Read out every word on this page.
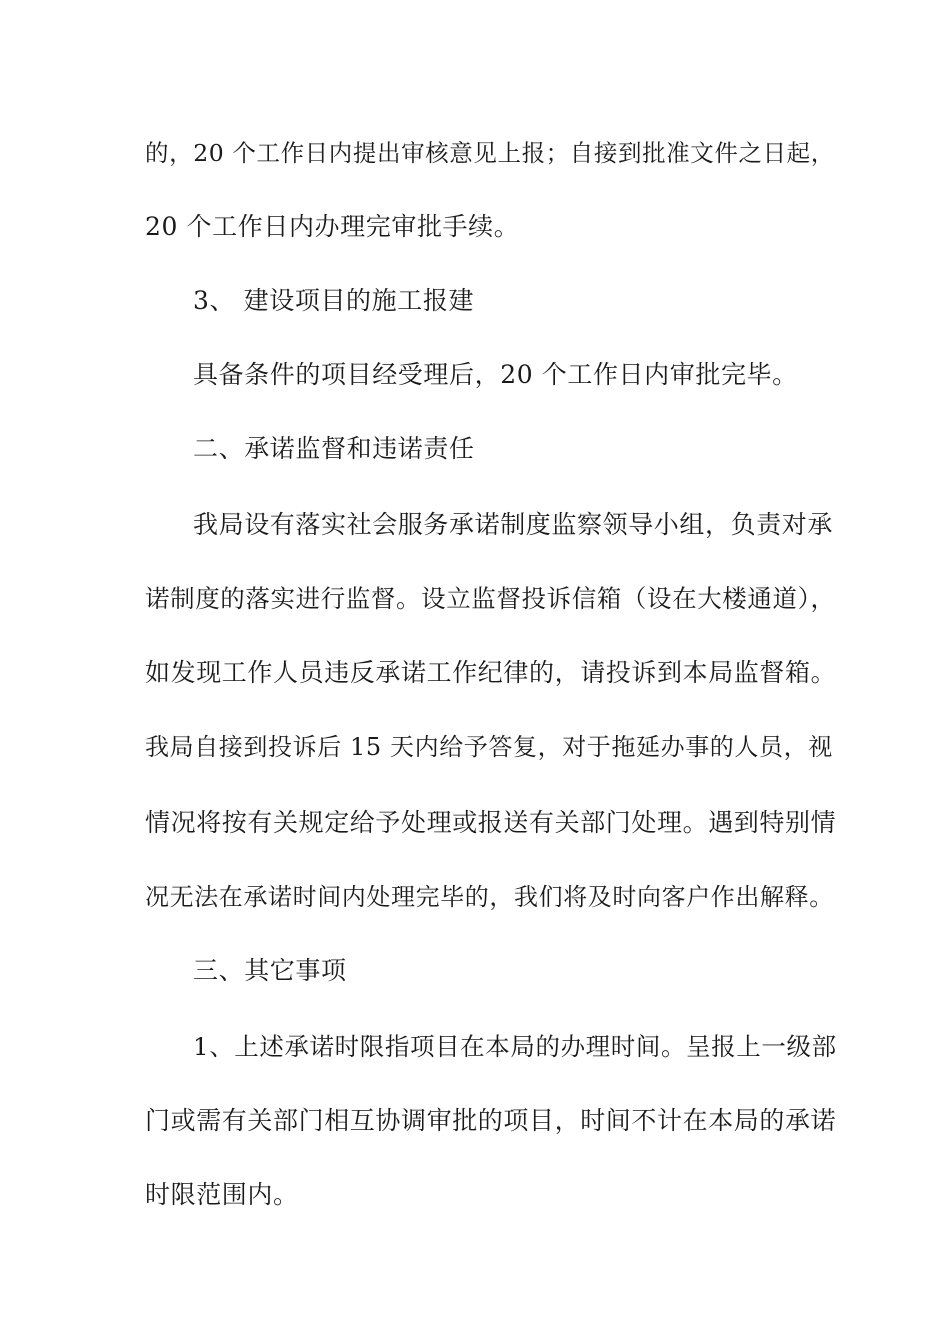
的，20 个工作日内提出审核意见上报；自接到批准文件之日起，
20 个工作日内办理完审批手续。
3、 建设项目的施工报建
具备条件的项目经受理后，20 个工作日内审批完毕。
二、承诺监督和违诺责任
我局设有落实社会服务承诺制度监察领导小组，负责对承
诺制度的落实进行监督。设立监督投诉信箱（设在大楼通道），
如发现工作人员违反承诺工作纪律的，请投诉到本局监督箱。
我局自接到投诉后 15 天内给予答复，对于拖延办事的人员，视
情况将按有关规定给予处理或报送有关部门处理。遇到特别情
况无法在承诺时间内处理完毕的，我们将及时向客户作出解释。
三、其它事项
1、上述承诺时限指项目在本局的办理时间。呈报上一级部
门或需有关部门相互协调审批的项目，时间不计在本局的承诺
时限范围内。
